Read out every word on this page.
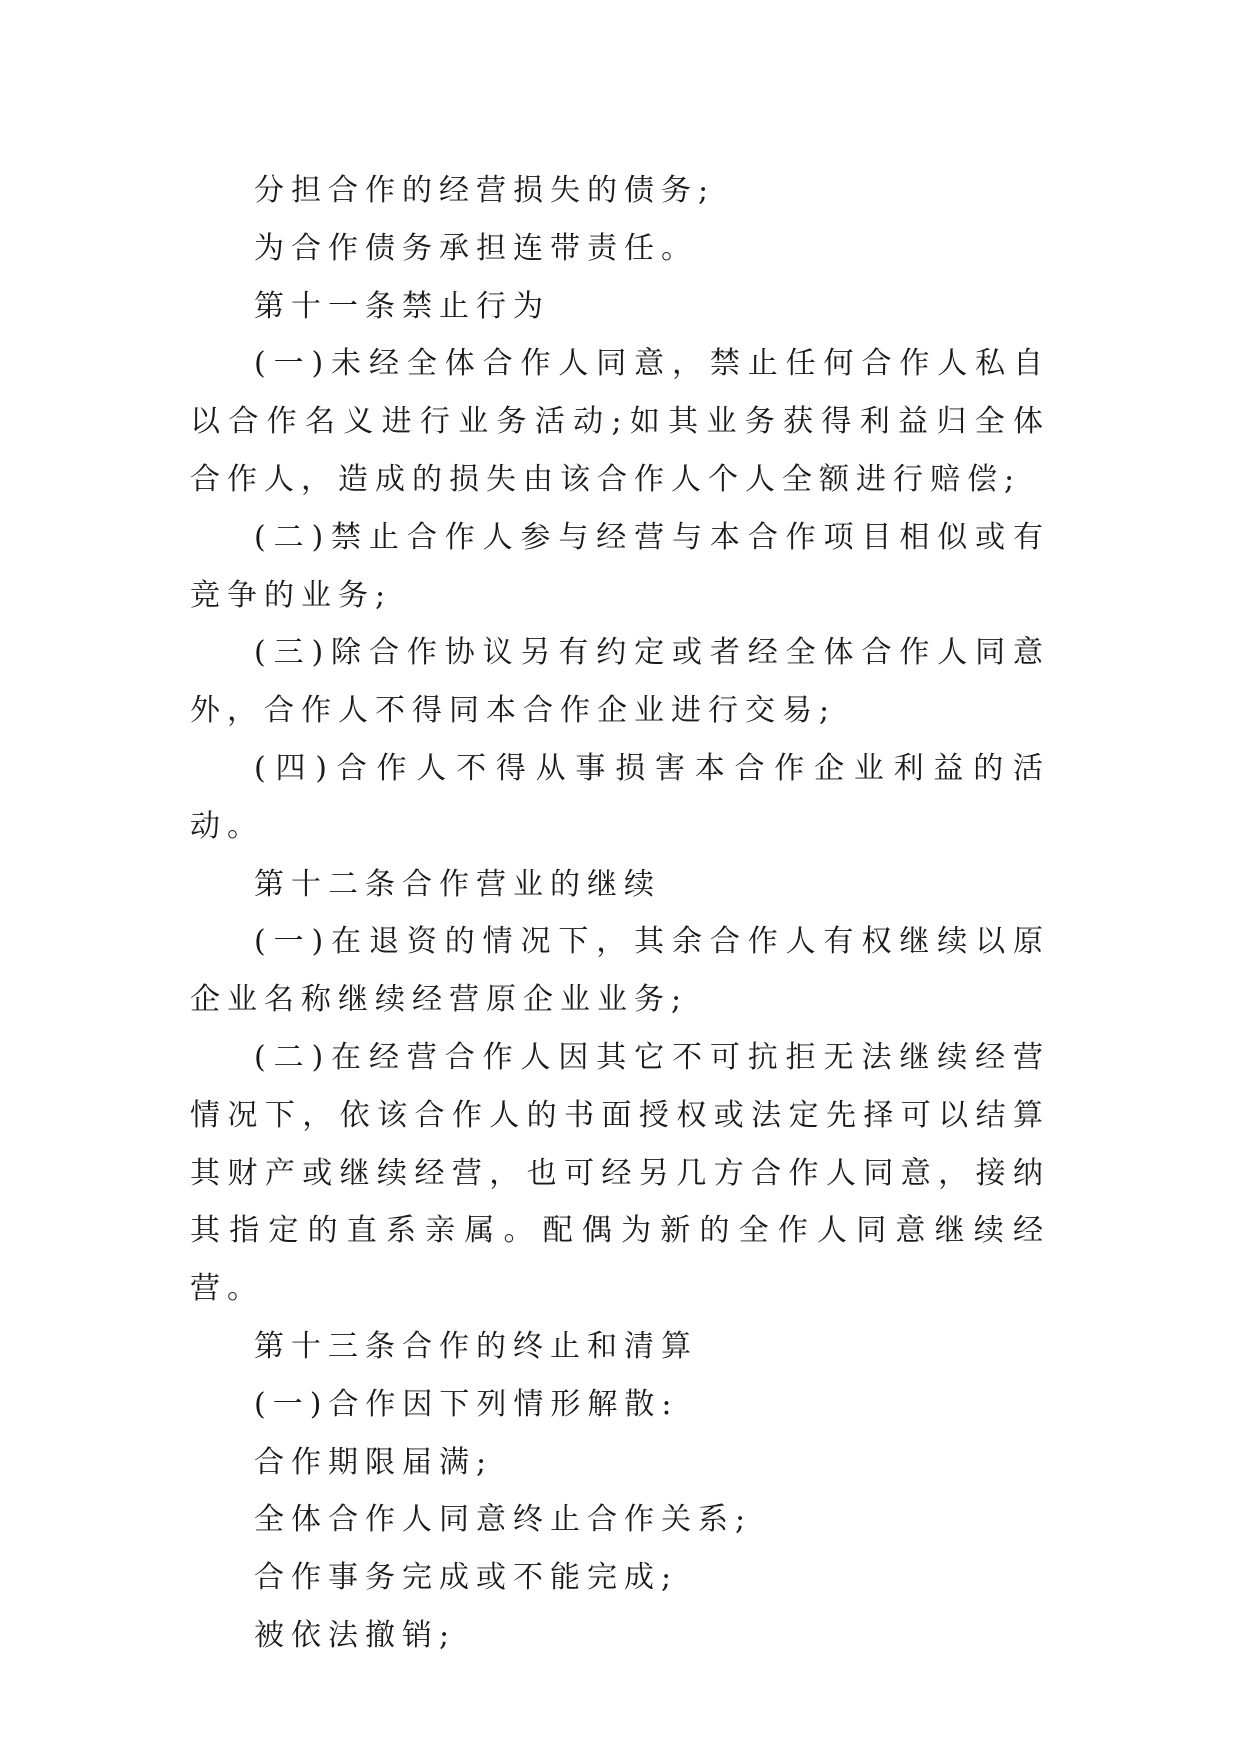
分担合作的经营损失的债务;

为合作债务承担连带责任。

第十一条禁止行为

(一)未经全体合作人同意，禁止任何合作人私自以合作名义进行业务活动;如其业务获得利益归全体合作人，造成的损失由该合作人个人全额进行赔偿;

(二)禁止合作人参与经营与本合作项目相似或有竞争的业务;

(三)除合作协议另有约定或者经全体合作人同意外，合作人不得同本合作企业进行交易;

(四)合作人不得从事损害本合作企业利益的活动。

第十二条合作营业的继续

(一)在退资的情况下，其余合作人有权继续以原企业名称继续经营原企业业务;

(二)在经营合作人因其它不可抗拒无法继续经营情况下，依该合作人的书面授权或法定先择可以结算其财产或继续经营，也可经另几方合作人同意，接纳其指定的直系亲属。配偶为新的全作人同意继续经营。

第十三条合作的终止和清算

(一)合作因下列情形解散:

合作期限届满;

全体合作人同意终止合作关系;

合作事务完成或不能完成;

被依法撤销;
